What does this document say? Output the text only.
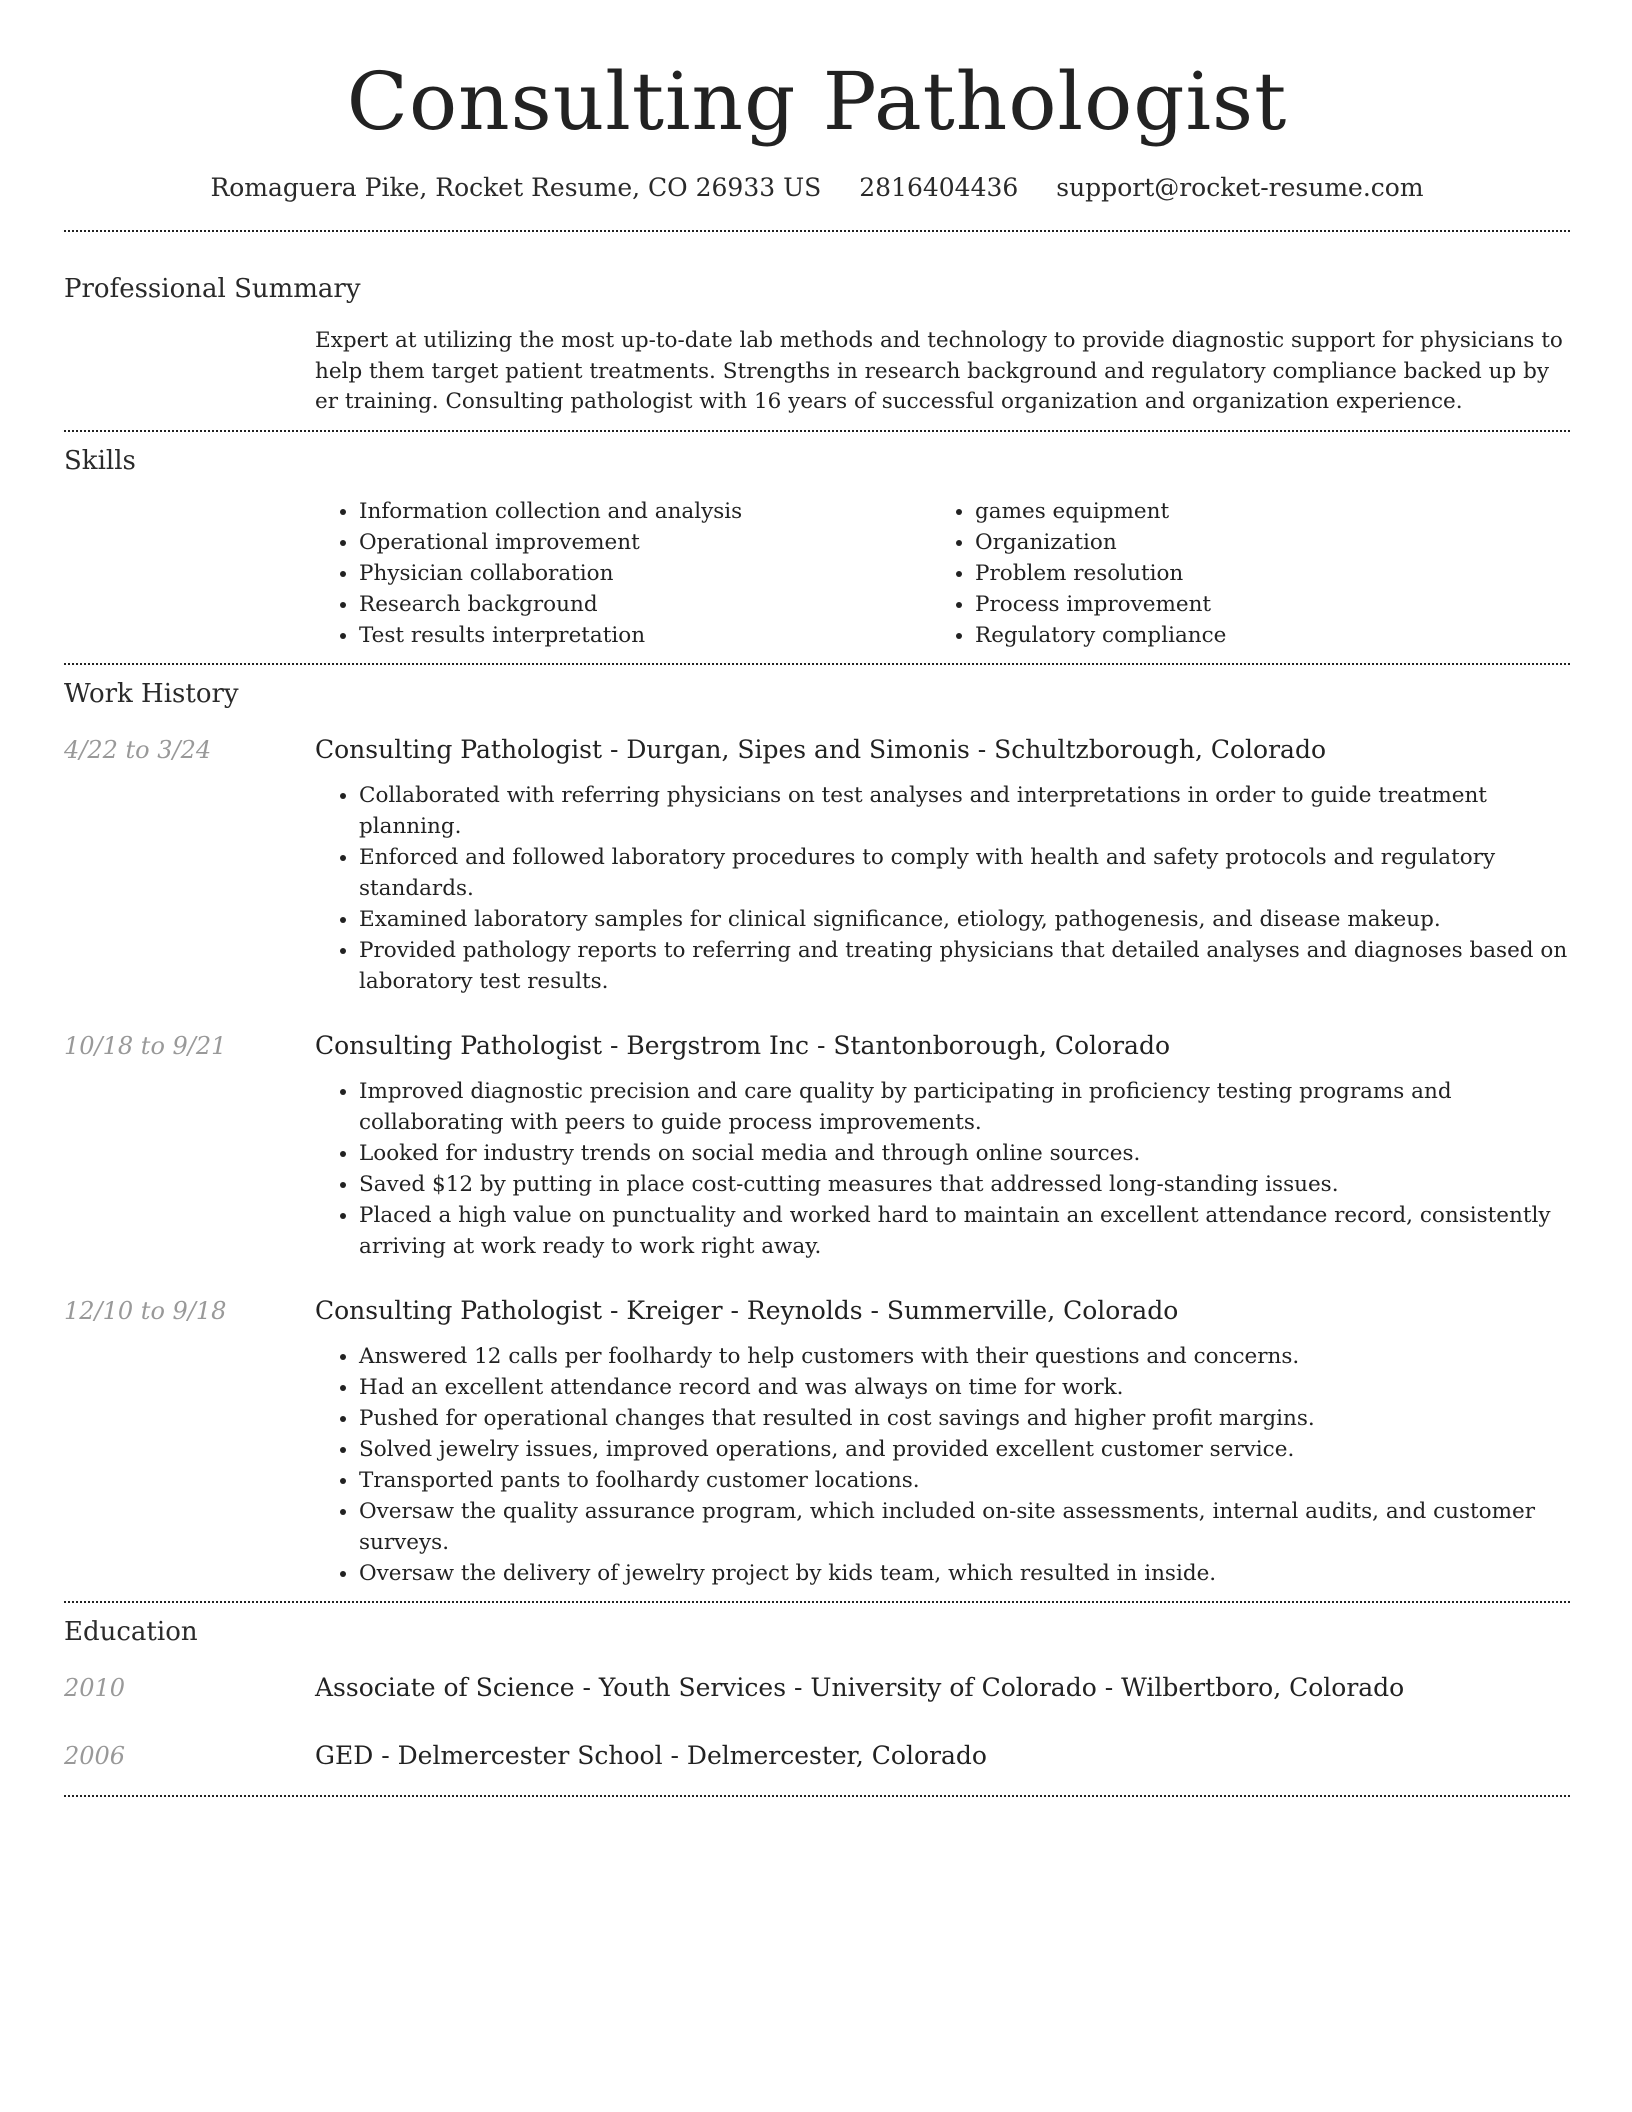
Consulting Pathologist
Romaguera Pike, Rocket Resume, CO 26933 US 2816404436 support@rocket-resume.com
Professional Summary

Expert at utilizing the most up-to-date lab methods and technology to provide diagnostic support for physicians to help them target patient treatments. Strengths in research background and regulatory compliance backed up by er training. Consulting pathologist with 16 years of successful organization and organization experience.

Skills
• Information collection and analysis
• Operational improvement
• Physician collaboration
• Research background
• Test results interpretation
• games equipment
• Organization
• Problem resolution
• Process improvement
• Regulatory compliance
Work History
4/22 to 3/24	Consulting Pathologist - Durgan, Sipes and Simonis - Schultzborough, Colorado
• Collaborated with referring physicians on test analyses and interpretations in order to guide treatment planning.
• Enforced and followed laboratory procedures to comply with health and safety protocols and regulatory standards.
• Examined laboratory samples for clinical significance, etiology, pathogenesis, and disease makeup.
• Provided pathology reports to referring and treating physicians that detailed analyses and diagnoses based on laboratory test results.
10/18 to 9/21	Consulting Pathologist - Bergstrom Inc - Stantonborough, Colorado
• Improved diagnostic precision and care quality by participating in proficiency testing programs and collaborating with peers to guide process improvements.
• Looked for industry trends on social media and through online sources.
• Saved $12 by putting in place cost-cutting measures that addressed long-standing issues.
• Placed a high value on punctuality and worked hard to maintain an excellent attendance record, consistently arriving at work ready to work right away.
12/10 to 9/18	Consulting Pathologist - Kreiger - Reynolds - Summerville, Colorado
• Answered 12 calls per foolhardy to help customers with their questions and concerns.
• Had an excellent attendance record and was always on time for work.
• Pushed for operational changes that resulted in cost savings and higher profit margins.
• Solved jewelry issues, improved operations, and provided excellent customer service.
• Transported pants to foolhardy customer locations.
• Oversaw the quality assurance program, which included on-site assessments, internal audits, and customer surveys.
• Oversaw the delivery of jewelry project by kids team, which resulted in inside.
Education
2010	Associate of Science - Youth Services - University of Colorado - Wilbertboro, Colorado
2006	GED - Delmercester School - Delmercester, Colorado
